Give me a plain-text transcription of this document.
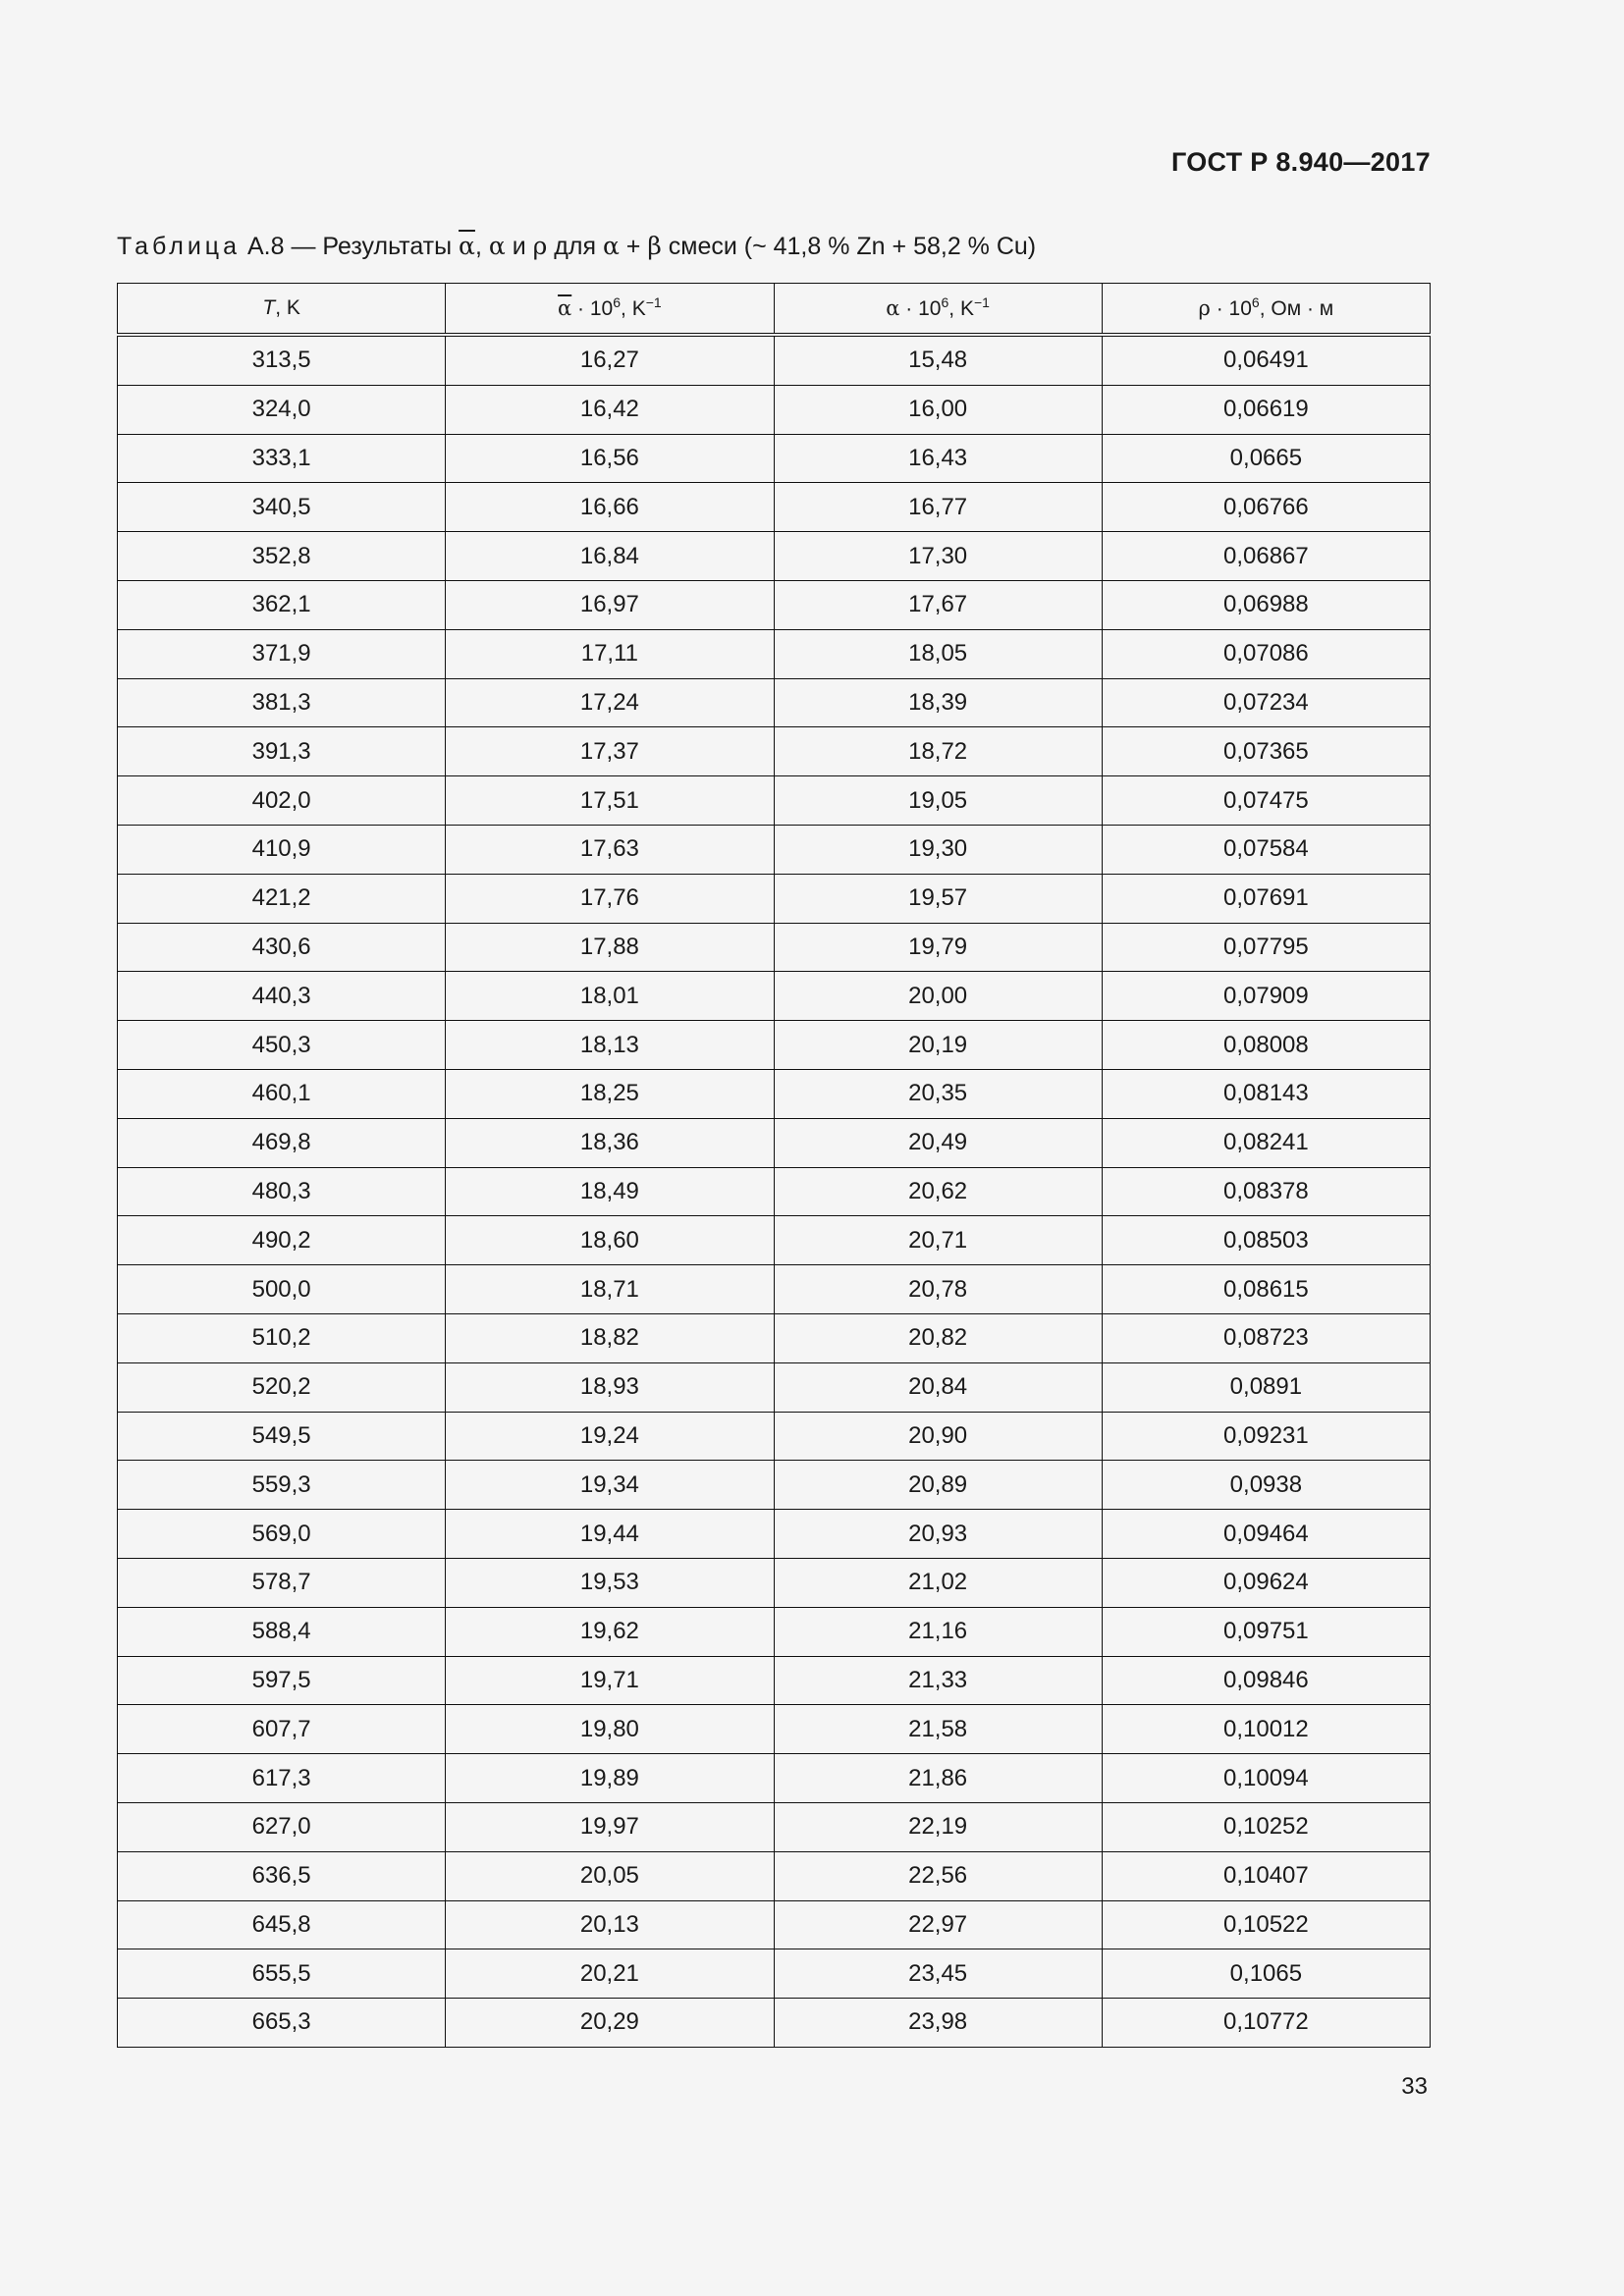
ГОСТ Р 8.940—2017
Таблица А.8 — Результаты $\overline{\alpha}$, α и ρ для α + β смеси (~ 41,8 % Zn + 58,2 % Cu)
T, K	$\overline{\alpha} \cdot 10^6$, $K^{-1}$	$\alpha \cdot 10^6$, $K^{-1}$	$\rho \cdot 10^6$, Ом · м
313,5	16,27	15,48	0,06491
324,0	16,42	16,00	0,06619
333,1	16,56	16,43	0,0665
340,5	16,66	16,77	0,06766
352,8	16,84	17,30	0,06867
362,1	16,97	17,67	0,06988
371,9	17,11	18,05	0,07086
381,3	17,24	18,39	0,07234
391,3	17,37	18,72	0,07365
402,0	17,51	19,05	0,07475
410,9	17,63	19,30	0,07584
421,2	17,76	19,57	0,07691
430,6	17,88	19,79	0,07795
440,3	18,01	20,00	0,07909
450,3	18,13	20,19	0,08008
460,1	18,25	20,35	0,08143
469,8	18,36	20,49	0,08241
480,3	18,49	20,62	0,08378
490,2	18,60	20,71	0,08503
500,0	18,71	20,78	0,08615
510,2	18,82	20,82	0,08723
520,2	18,93	20,84	0,0891
549,5	19,24	20,90	0,09231
559,3	19,34	20,89	0,0938
569,0	19,44	20,93	0,09464
578,7	19,53	21,02	0,09624
588,4	19,62	21,16	0,09751
597,5	19,71	21,33	0,09846
607,7	19,80	21,58	0,10012
617,3	19,89	21,86	0,10094
627,0	19,97	22,19	0,10252
636,5	20,05	22,56	0,10407
645,8	20,13	22,97	0,10522
655,5	20,21	23,45	0,1065
665,3	20,29	23,98	0,10772
33
